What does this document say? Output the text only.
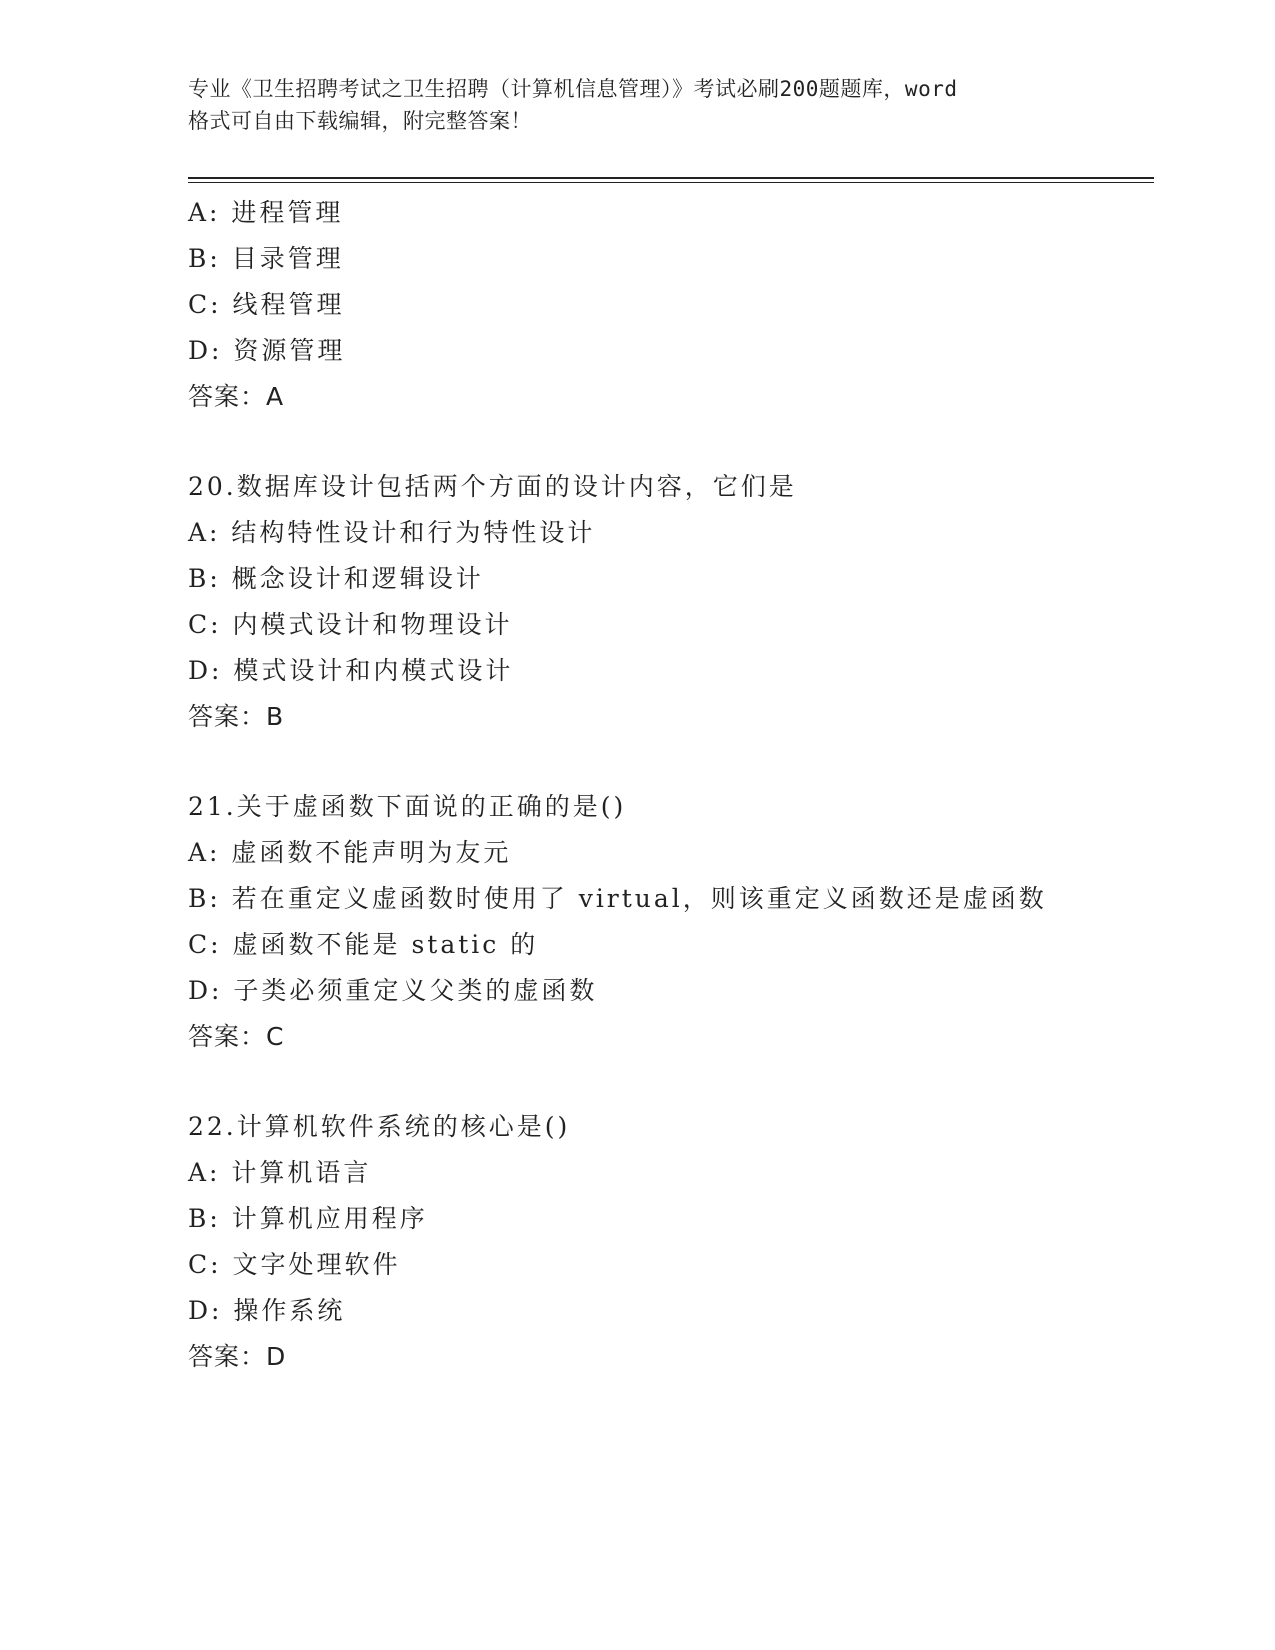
专业《卫生招聘考试之卫生招聘（计算机信息管理）》考试必刷200题题库，word
格式可自由下载编辑，附完整答案！
A: 进程管理
B: 目录管理
C: 线程管理
D: 资源管理
答案：A
20.数据库设计包括两个方面的设计内容，它们是
A: 结构特性设计和行为特性设计
B: 概念设计和逻辑设计
C: 内模式设计和物理设计
D: 模式设计和内模式设计
答案：B
21.关于虚函数下面说的正确的是()
A: 虚函数不能声明为友元
B: 若在重定义虚函数时使用了 virtual，则该重定义函数还是虚函数
C: 虚函数不能是 static 的
D: 子类必须重定义父类的虚函数
答案：C
22.计算机软件系统的核心是()
A: 计算机语言
B: 计算机应用程序
C: 文字处理软件
D: 操作系统
答案：D
